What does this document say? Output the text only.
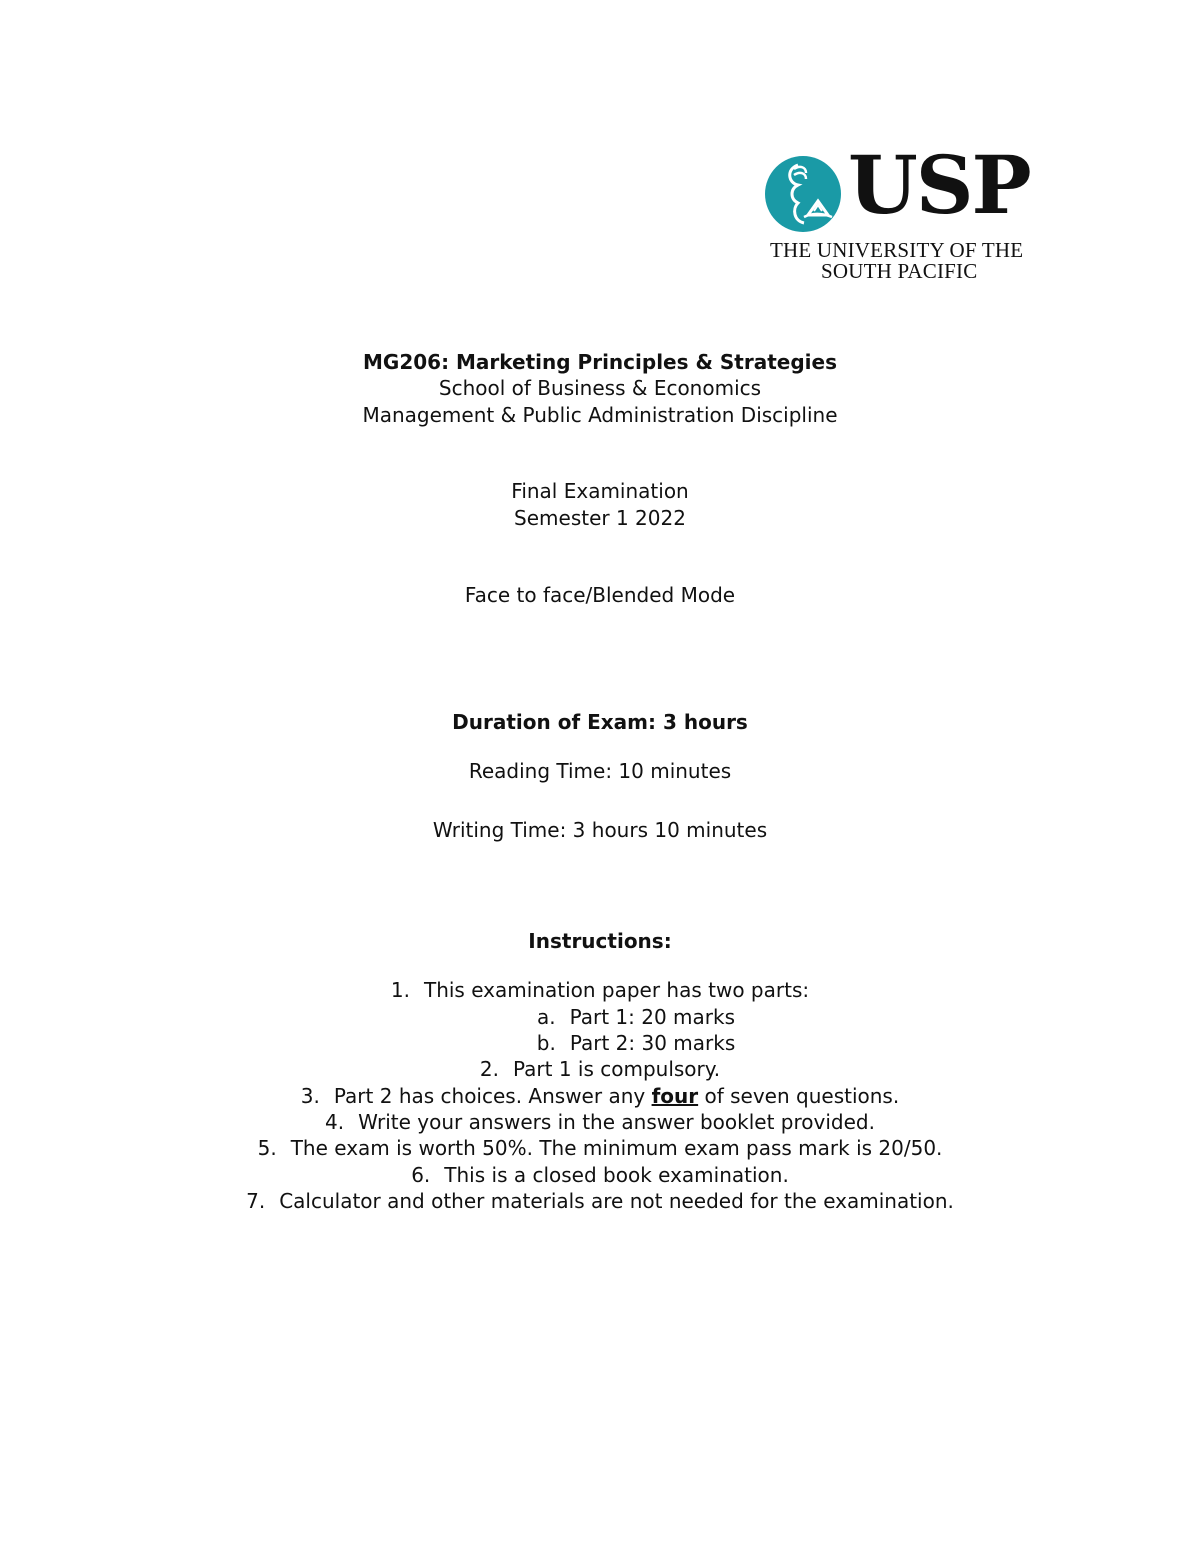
USP
THE UNIVERSITY OF THE
SOUTH PACIFIC
MG206: Marketing Principles & Strategies
School of Business & Economics
Management & Public Administration Discipline
Final Examination
Semester 1 2022
Face to face/Blended Mode
Duration of Exam: 3 hours
Reading Time: 10 minutes
Writing Time: 3 hours 10 minutes
Instructions:
1. This examination paper has two parts:
a. Part 1: 20 marks
b. Part 2: 30 marks
2. Part 1 is compulsory.
3. Part 2 has choices. Answer any four of seven questions.
4. Write your answers in the answer booklet provided.
5. The exam is worth 50%. The minimum exam pass mark is 20/50.
6. This is a closed book examination.
7. Calculator and other materials are not needed for the examination.
